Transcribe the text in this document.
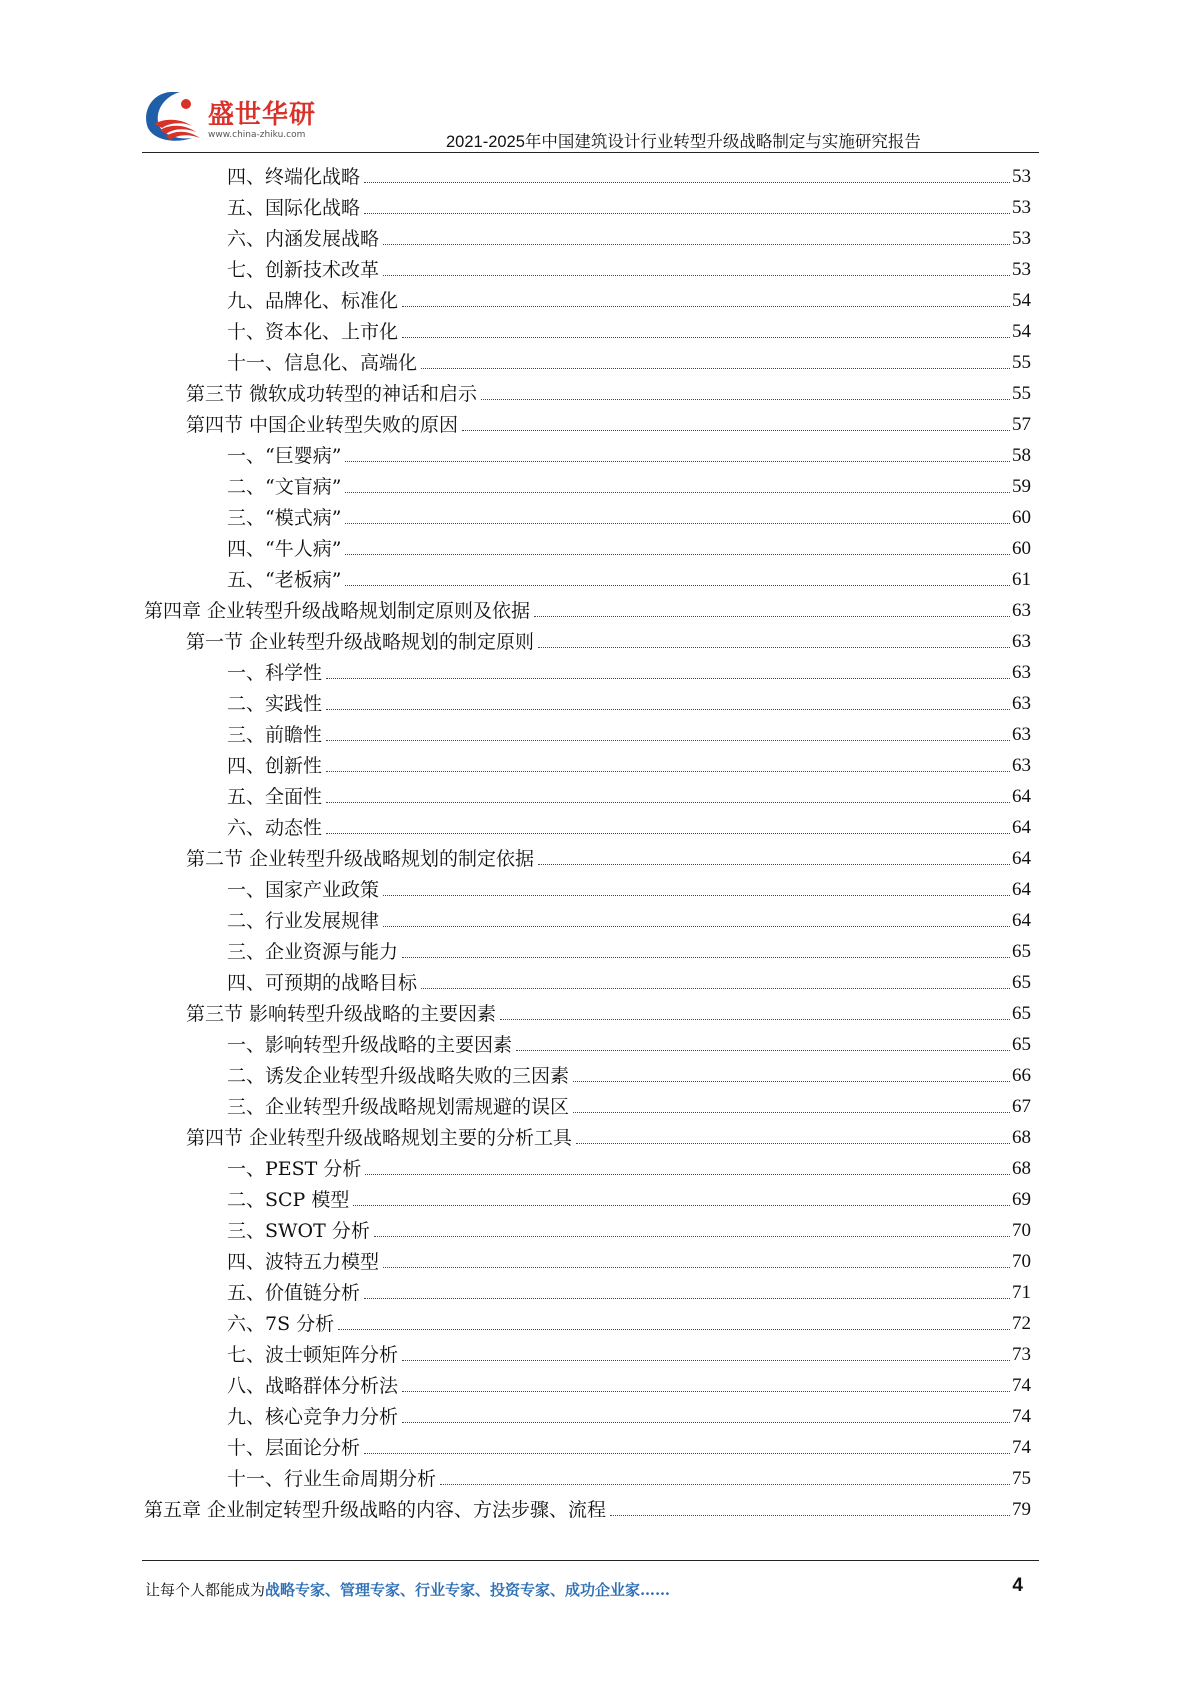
盛世华研
www.china-zhiku.com	2021-2025年中国建筑设计行业转型升级战略制定与实施研究报告
四、终端化战略	53
五、国际化战略	53
六、内涵发展战略	53
七、创新技术改革	53
九、品牌化、标准化	54
十、资本化、上市化	54
十一、信息化、高端化	55
第三节 微软成功转型的神话和启示	55
第四节 中国企业转型失败的原因	57
一、“巨婴病”	58
二、“文盲病”	59
三、“模式病”	60
四、“牛人病”	60
五、“老板病”	61
第四章 企业转型升级战略规划制定原则及依据	63
第一节 企业转型升级战略规划的制定原则	63
一、科学性	63
二、实践性	63
三、前瞻性	63
四、创新性	63
五、全面性	64
六、动态性	64
第二节 企业转型升级战略规划的制定依据	64
一、国家产业政策	64
二、行业发展规律	64
三、企业资源与能力	65
四、可预期的战略目标	65
第三节 影响转型升级战略的主要因素	65
一、影响转型升级战略的主要因素	65
二、诱发企业转型升级战略失败的三因素	66
三、企业转型升级战略规划需规避的误区	67
第四节 企业转型升级战略规划主要的分析工具	68
一、PEST 分析	68
二、SCP 模型	69
三、SWOT 分析	70
四、波特五力模型	70
五、价值链分析	71
六、7S 分析	72
七、波士顿矩阵分析	73
八、战略群体分析法	74
九、核心竞争力分析	74
十、层面论分析	74
十一、行业生命周期分析	75
第五章 企业制定转型升级战略的内容、方法步骤、流程	79
让每个人都能成为战略专家、管理专家、行业专家、投资专家、成功企业家……	4
